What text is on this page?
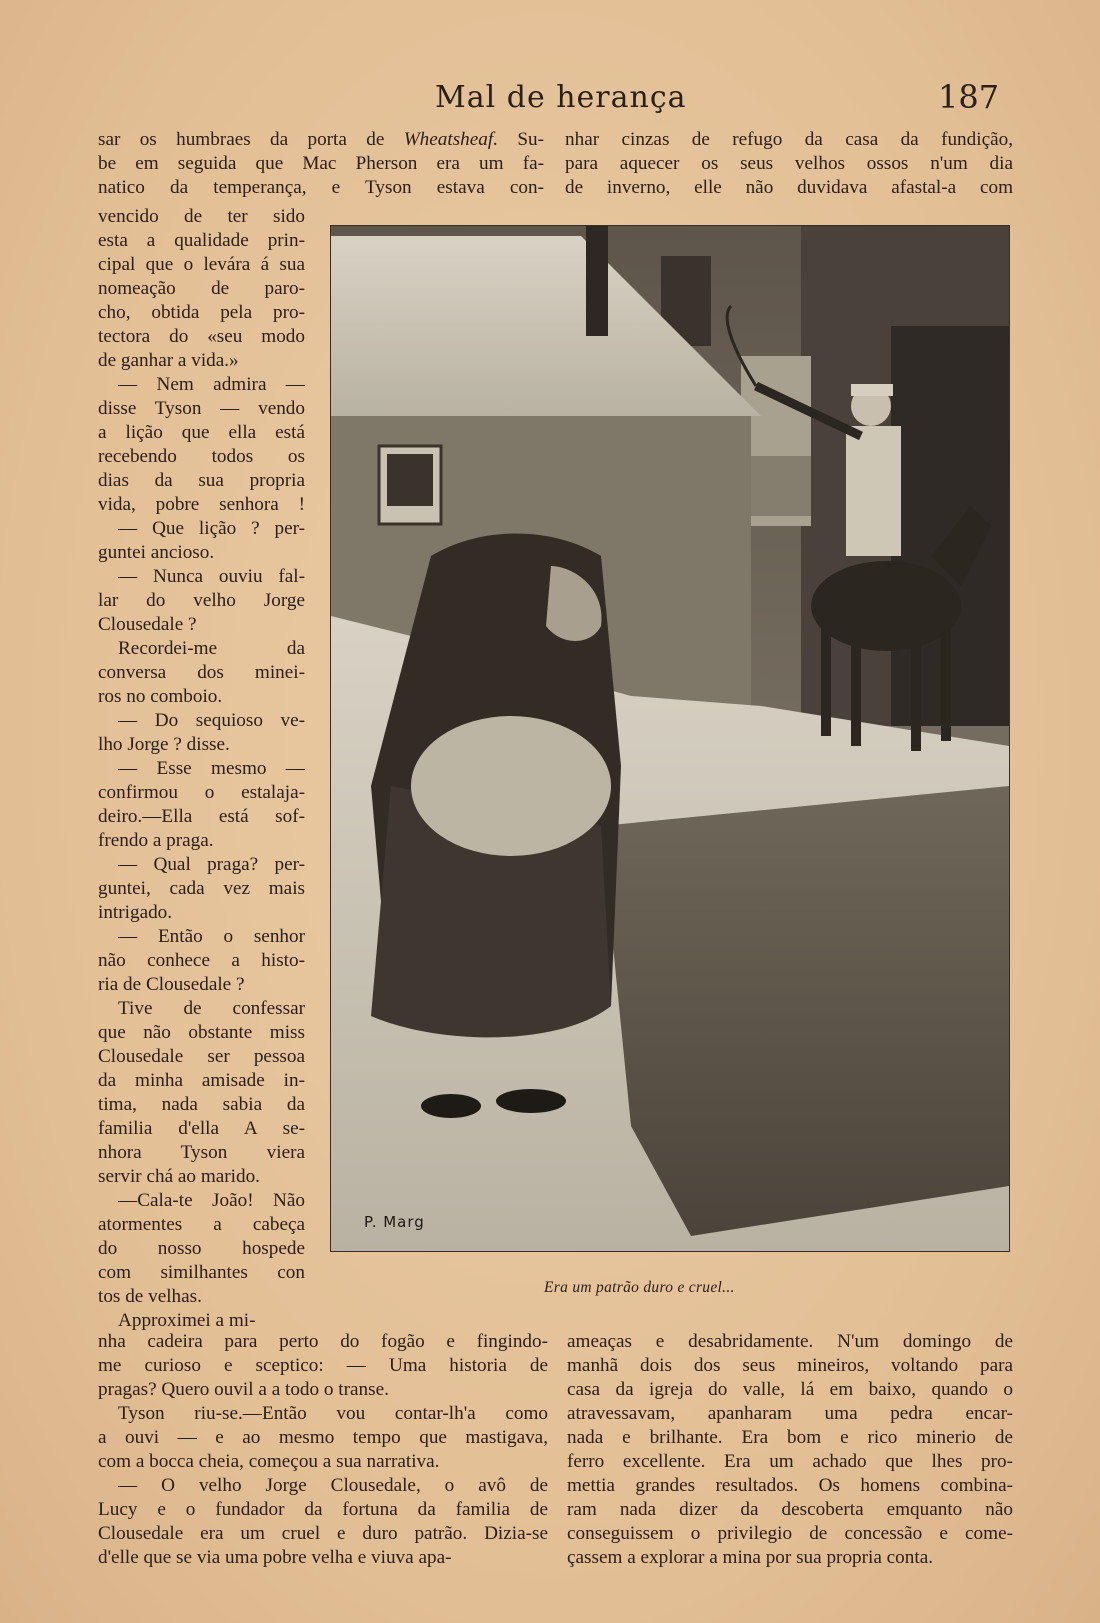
Mal de herança	187
sar os humbraes da porta de Wheatsheaf. Su-
be em seguida que Mac Pherson era um fa-
natico da temperança, e Tyson estava con-
nhar cinzas de refugo da casa da fundição,
para aquecer os seus velhos ossos n'um dia
de inverno, elle não duvidava afastal-a com
vencido de ter sido
esta a qualidade prin-
cipal que o levára á sua
nomeação de paro-
cho, obtida pela pro-
tectora do «seu modo
de ganhar a vida.»
— Nem admira —
disse Tyson — vendo
a lição que ella está
recebendo todos os
dias da sua propria
vida, pobre senhora !
— Que lição ? per-
guntei ancioso.
— Nunca ouviu fal-
lar do velho Jorge
Clousedale ?
Recordei-me da
conversa dos minei-
ros no comboio.
— Do sequioso ve-
lho Jorge ? disse.
— Esse mesmo —
confirmou o estalaja-
deiro.—Ella está sof-
frendo a praga.
— Qual praga? per-
guntei, cada vez mais
intrigado.
— Então o senhor
não conhece a histo-
ria de Clousedale ?
Tive de confessar
que não obstante miss
Clousedale ser pessoa
da minha amisade in-
tima, nada sabia da
familia d'ella A se-
nhora Tyson viera
servir chá ao marido.
—Cala-te João! Não
atormentes a cabeça
do nosso hospede
com similhantes con
tos de velhas.
Approximei a mi-
P. Marg
Era um patrão duro e cruel...
nha cadeira para perto do fogão e fingindo-
me curioso e sceptico: — Uma historia de
pragas? Quero ouvil a a todo o transe.
Tyson riu-se.—Então vou contar-lh'a como
a ouvi — e ao mesmo tempo que mastigava,
com a bocca cheia, começou a sua narrativa.
— O velho Jorge Clousedale, o avô de
Lucy e o fundador da fortuna da familia de
Clousedale era um cruel e duro patrão. Dizia-se
d'elle que se via uma pobre velha e viuva apa-
ameaças e desabridamente. N'um domingo de
manhã dois dos seus mineiros, voltando para
casa da igreja do valle, lá em baixo, quando o
atravessavam, apanharam uma pedra encar-
nada e brilhante. Era bom e rico minerio de
ferro excellente. Era um achado que lhes pro-
mettia grandes resultados. Os homens combina-
ram nada dizer da descoberta emquanto não
conseguissem o privilegio de concessão e come-
çassem a explorar a mina por sua propria conta.
